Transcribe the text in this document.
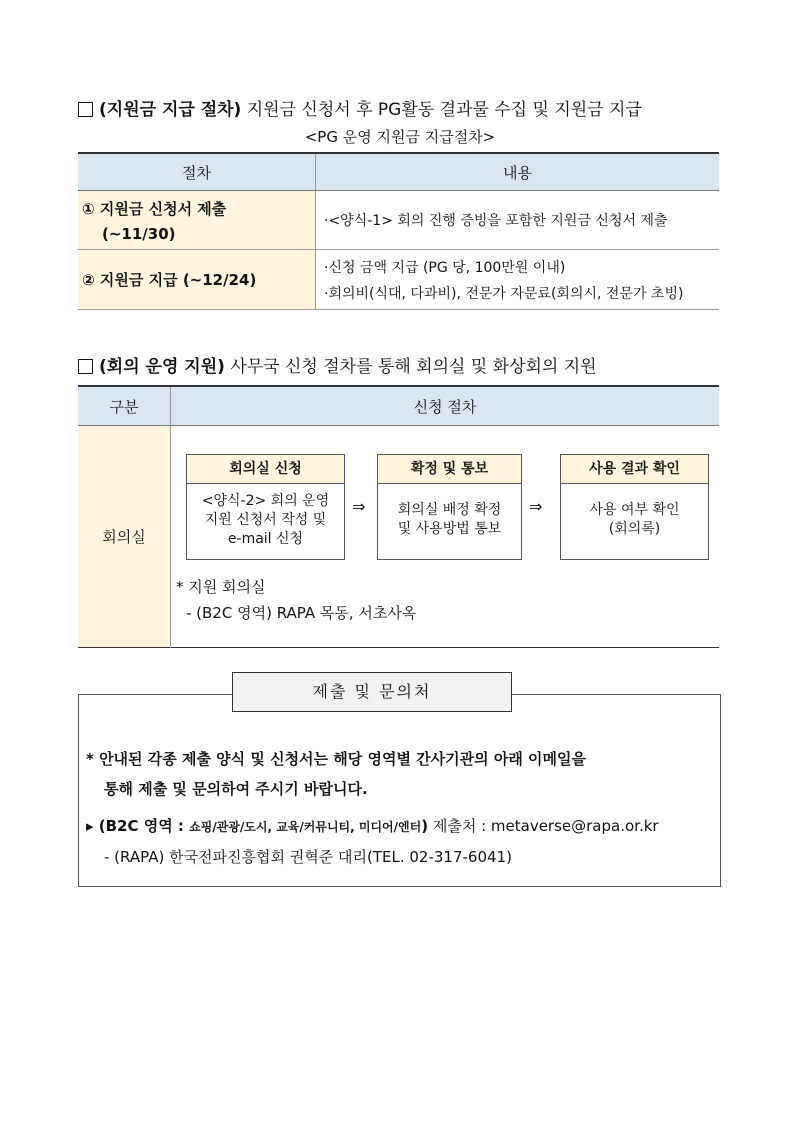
(지원금 지급 절차) 지원금 신청서 후 PG활동 결과물 수집 및 지원금 지급
<PG 운영 지원금 지급절차>
절차	내용

① 지원금 신청서 제출
(~11/30)	·<양식-1> 회의 진행 증빙을 포함한 지원금 신청서 제출

② 지원금 지급 (~12/24)	·신청 금액 지급 (PG 당, 100만원 이내)
·회의비(식대, 다과비), 전문가 자문료(회의시, 전문가 초빙)
(회의 운영 지원) 사무국 신청 절차를 통해 회의실 및 화상회의 지원
구분	신청 절차
회의실	
회의실 신청
<양식-2> 회의 운영
지원 신청서 작성 및
e-mail 신청
⇒
확정 및 통보
회의실 배정 확정
및 사용방법 통보
⇒
사용 결과 확인
사용 여부 확인
(회의록)
* 지원 회의실
- (B2C 영역) RAPA 목동, 서초사옥
제출 및 문의처
* 안내된 각종 제출 양식 및 신청서는 해당 영역별 간사기관의 아래 이메일을
통해 제출 및 문의하여 주시기 바랍니다.
▸ (B2C 영역 : 쇼핑/관광/도시, 교육/커뮤니티, 미디어/엔터) 제출처 : metaverse@rapa.or.kr
- (RAPA) 한국전파진흥협회 권혁준 대리(TEL. 02-317-6041)
